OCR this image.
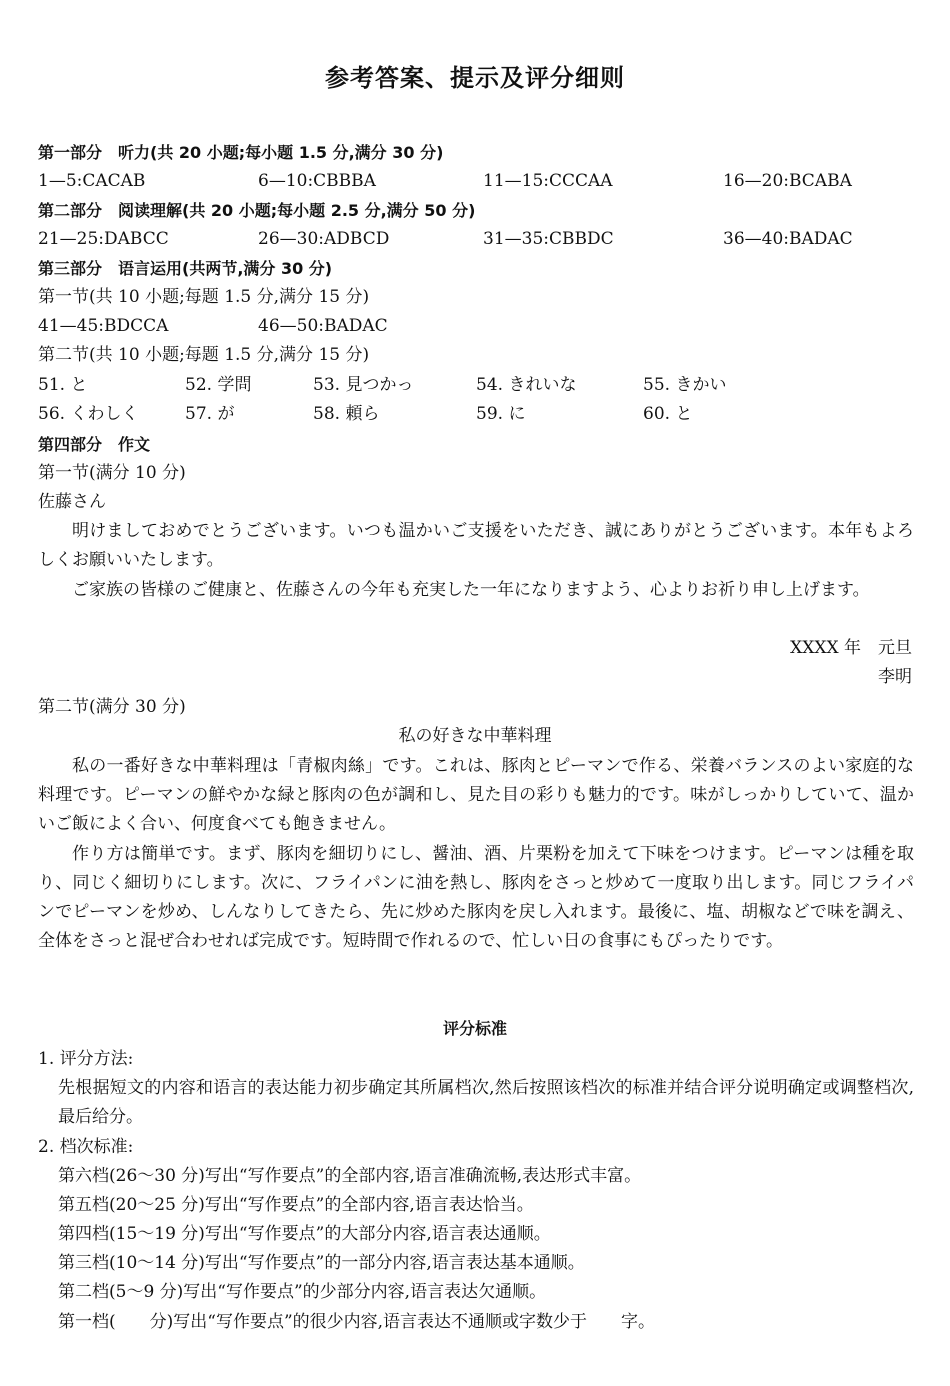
参考答案、提示及评分细则
第一部分　听力(共 20 小题;每小题 1.5 分,满分 30 分)
1—5:CACAB	6—10:CBBBA	11—15:CCCAA	16—20:BCABA
第二部分　阅读理解(共 20 小题;每小题 2.5 分,满分 50 分)
21—25:DABCC	26—30:ADBCD	31—35:CBBDC	36—40:BADAC
第三部分　语言运用(共两节,满分 30 分)
第一节(共 10 小题;每题 1.5 分,满分 15 分)
41—45:BDCCA	46—50:BADAC
第二节(共 10 小题;每题 1.5 分,满分 15 分)
51. と	52. 学問	53. 見つかっ	54. きれいな	55. きかい
56. くわしく	57. が	58. 頼ら	59. に	60. と
第四部分　作文
第一节(满分 10 分)
佐藤さん
明けましておめでとうございます。いつも温かいご支援をいただき、誠にありがとうございます。本年もよろしくお願いいたします。
ご家族の皆様のご健康と、佐藤さんの今年も充実した一年になりますよう、心よりお祈り申し上げます。
XXXX 年　元旦
李明
第二节(满分 30 分)
私の好きな中華料理
私の一番好きな中華料理は「青椒肉絲」です。これは、豚肉とピーマンで作る、栄養バランスのよい家庭的な料理です。ピーマンの鮮やかな緑と豚肉の色が調和し、見た目の彩りも魅力的です。味がしっかりしていて、温かいご飯によく合い、何度食べても飽きません。
作り方は簡単です。まず、豚肉を細切りにし、醤油、酒、片栗粉を加えて下味をつけます。ピーマンは種を取り、同じく細切りにします。次に、フライパンに油を熱し、豚肉をさっと炒めて一度取り出します。同じフライパンでピーマンを炒め、しんなりしてきたら、先に炒めた豚肉を戻し入れます。最後に、塩、胡椒などで味を調え、全体をさっと混ぜ合わせれば完成です。短時間で作れるので、忙しい日の食事にもぴったりです。
评分标准
1. 评分方法:
先根据短文的内容和语言的表达能力初步确定其所属档次,然后按照该档次的标准并结合评分说明确定或调整档次,最后给分。
2. 档次标准:
第六档(26～30 分)写出“写作要点”的全部内容,语言准确流畅,表达形式丰富。
第五档(20～25 分)写出“写作要点”的全部内容,语言表达恰当。
第四档(15～19 分)写出“写作要点”的大部分内容,语言表达通顺。
第三档(10～14 分)写出“写作要点”的一部分内容,语言表达基本通顺。
第二档(5～9 分)写出“写作要点”的少部分内容,语言表达欠通顺。
第一档(　　分)写出“写作要点”的很少内容,语言表达不通顺或字数少于　　字。
